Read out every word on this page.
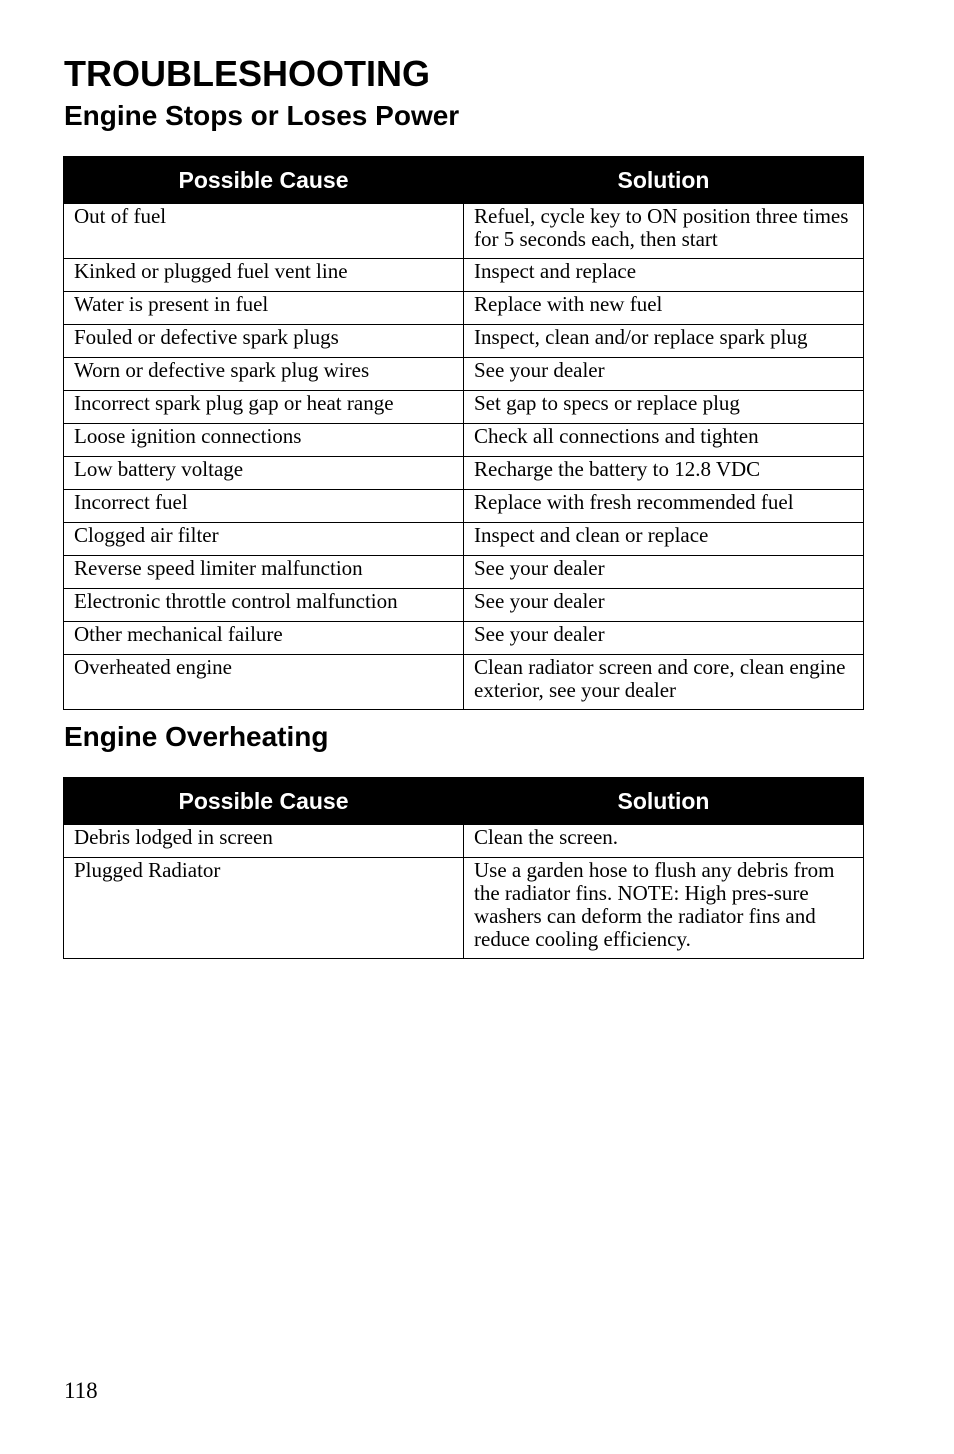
TROUBLESHOOTING
Engine Stops or Loses Power
Possible Cause	Solution
Out of fuel	Refuel, cycle key to ON position three times for 5 seconds each, then start
Kinked or plugged fuel vent line	Inspect and replace
Water is present in fuel	Replace with new fuel
Fouled or defective spark plugs	Inspect, clean and/or replace spark plug
Worn or defective spark plug wires	See your dealer
Incorrect spark plug gap or heat range	Set gap to specs or replace plug
Loose ignition connections	Check all connections and tighten
Low battery voltage	Recharge the battery to 12.8 VDC
Incorrect fuel	Replace with fresh recommended fuel
Clogged air filter	Inspect and clean or replace
Reverse speed limiter malfunction	See your dealer
Electronic throttle control malfunction	See your dealer
Other mechanical failure	See your dealer
Overheated engine	Clean radiator screen and core, clean engine exterior, see your dealer
Engine Overheating
Possible Cause	Solution
Debris lodged in screen	Clean the screen.
Plugged Radiator	Use a garden hose to flush any debris from the radiator fins. NOTE: High pres-sure washers can deform the radiator fins and reduce cooling efficiency.

118
